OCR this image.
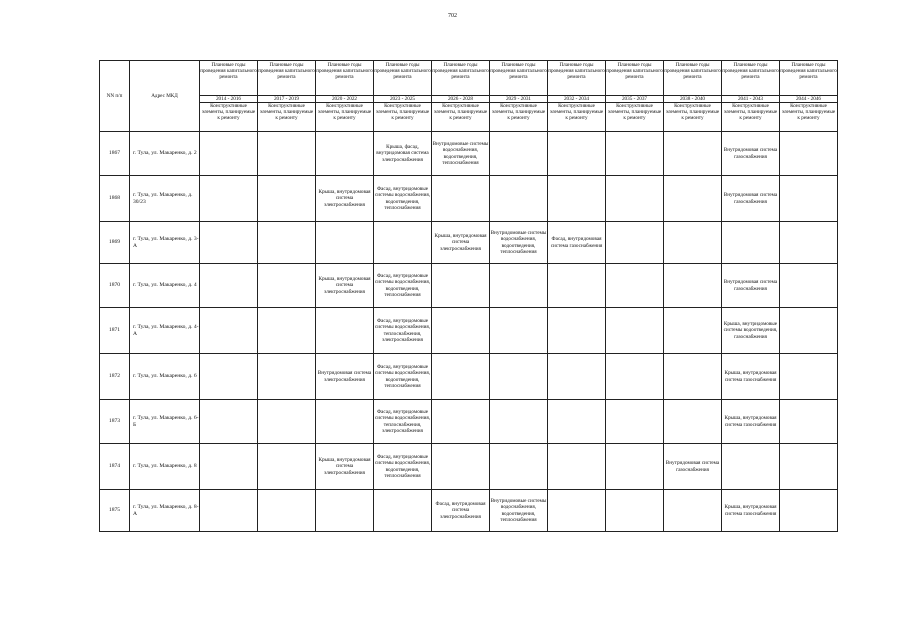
702
NN п/п	Адрес МКД	Плановые годы проведения капитального ремонта	Плановые годы проведения капитального ремонта	Плановые годы проведения капитального ремонта	Плановые годы проведения капитального ремонта	Плановые годы проведения капитального ремонта	Плановые годы проведения капитального ремонта	Плановые годы проведения капитального ремонта	Плановые годы проведения капитального ремонта	Плановые годы проведения капитального ремонта	Плановые годы проведения капитального ремонта	Плановые годы проведения капитального ремонта
		2014 - 2016	2017 - 2019	2020 - 2022	2023 - 2025	2026 - 2028	2029 - 2031	2032 - 2034	2035 - 2037	2038 - 2040	2041 - 2043	2044 - 2046
		Конструктивные элементы, планируемые к ремонту	Конструктивные элементы, планируемые к ремонту	Конструктивные элементы, планируемые к ремонту	Конструктивные элементы, планируемые к ремонту	Конструктивные элементы, планируемые к ремонту	Конструктивные элементы, планируемые к ремонту	Конструктивные элементы, планируемые к ремонту	Конструктивные элементы, планируемые к ремонту	Конструктивные элементы, планируемые к ремонту	Конструктивные элементы, планируемые к ремонту	Конструктивные элементы, планируемые к ремонту
1867	г. Тула, ул. Макаренко, д. 2				Крыша, фасад, внутридомовая система электроснабжения	Внутридомовые системы водоснабжения, водоотведения, теплоснабжения					Внутридомовая система газоснабжения	
1868	г. Тула, ул. Макаренко, д. 30/23			Крыша, внутридомовая система электроснабжения	Фасад, внутридомовые системы водоснабжения, водоотведения, теплоснабжения						Внутридомовая система газоснабжения	
1869	г. Тула, ул. Макаренко, д. 3-А					Крыша, внутридомовая система электроснабжения	Внутридомовые системы водоснабжения, водоотведения, теплоснабжения	Фасад, внутридомовая система газоснабжения				
1870	г. Тула, ул. Макаренко, д. 4			Крыша, внутридомовая система электроснабжения	Фасад, внутридомовые системы водоснабжения, водоотведения, теплоснабжения						Внутридомовая система газоснабжения	
1871	г. Тула, ул. Макаренко, д. 4-А				Фасад, внутридомовые системы водоснабжения, теплоснабжения, электроснабжения						Крыша, внутридомовые системы водоотведения, газоснабжения	
1872	г. Тула, ул. Макаренко, д. 6			Внутридомовая система электроснабжения	Фасад, внутридомовые системы водоснабжения, водоотведения, теплоснабжения						Крыша, внутридомовая система газоснабжения	
1873	г. Тула, ул. Макаренко, д. 6-Б				Фасад, внутридомовые системы водоснабжения, теплоснабжения, электроснабжения						Крыша, внутридомовая система газоснабжения	
1874	г. Тула, ул. Макаренко, д. 8			Крыша, внутридомовая система электроснабжения	Фасад, внутридомовые системы водоснабжения, водоотведения, теплоснабжения					Внутридомовая система газоснабжения		
1875	г. Тула, ул. Макаренко, д. 8-А					Фасад, внутридомовая система электроснабжения	Внутридомовые системы водоснабжения, водоотведения, теплоснабжения				Крыша, внутридомовая система газоснабжения	
